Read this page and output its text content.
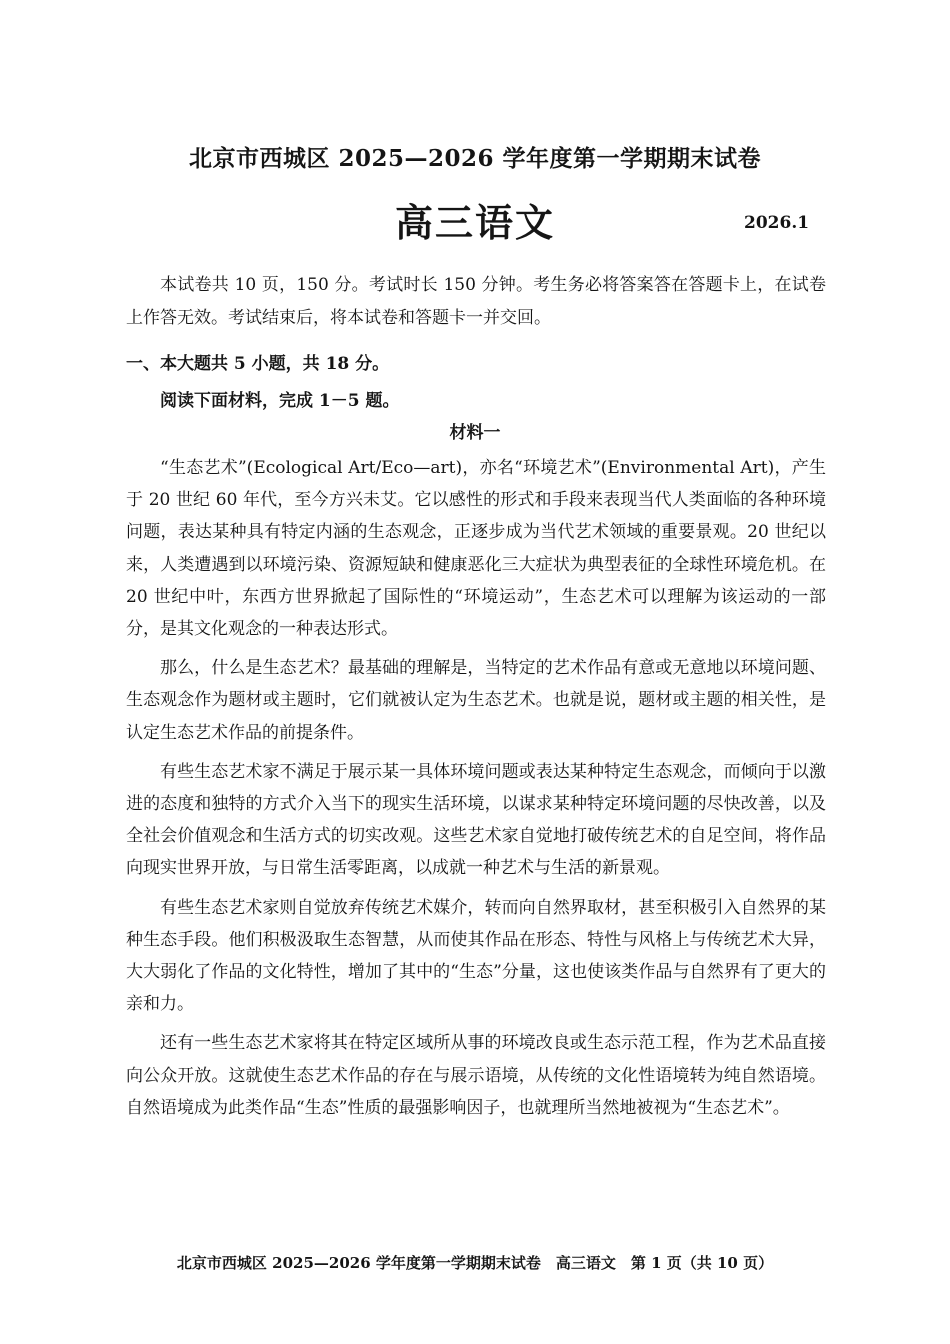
北京市西城区 2025—2026 学年度第一学期期末试卷
高三语文	2026.1
本试卷共 10 页，150 分。考试时长 150 分钟。考生务必将答案答在答题卡上，在试卷上作答无效。考试结束后，将本试卷和答题卡一并交回。
一、本大题共 5 小题，共 18 分。
阅读下面材料，完成 1－5 题。
材料一

“生态艺术”(Ecological Art/Eco—art)，亦名“环境艺术”(Environmental Art)，产生于 20 世纪 60 年代，至今方兴未艾。它以感性的形式和手段来表现当代人类面临的各种环境问题，表达某种具有特定内涵的生态观念，正逐步成为当代艺术领域的重要景观。20 世纪以来，人类遭遇到以环境污染、资源短缺和健康恶化三大症状为典型表征的全球性环境危机。在 20 世纪中叶，东西方世界掀起了国际性的“环境运动”，生态艺术可以理解为该运动的一部分，是其文化观念的一种表达形式。

那么，什么是生态艺术？最基础的理解是，当特定的艺术作品有意或无意地以环境问题、生态观念作为题材或主题时，它们就被认定为生态艺术。也就是说，题材或主题的相关性，是认定生态艺术作品的前提条件。

有些生态艺术家不满足于展示某一具体环境问题或表达某种特定生态观念，而倾向于以激进的态度和独特的方式介入当下的现实生活环境，以谋求某种特定环境问题的尽快改善，以及全社会价值观念和生活方式的切实改观。这些艺术家自觉地打破传统艺术的自足空间，将作品向现实世界开放，与日常生活零距离，以成就一种艺术与生活的新景观。

有些生态艺术家则自觉放弃传统艺术媒介，转而向自然界取材，甚至积极引入自然界的某种生态手段。他们积极汲取生态智慧，从而使其作品在形态、特性与风格上与传统艺术大异，大大弱化了作品的文化特性，增加了其中的“生态”分量，这也使该类作品与自然界有了更大的亲和力。

还有一些生态艺术家将其在特定区域所从事的环境改良或生态示范工程，作为艺术品直接向公众开放。这就使生态艺术作品的存在与展示语境，从传统的文化性语境转为纯自然语境。自然语境成为此类作品“生态”性质的最强影响因子，也就理所当然地被视为“生态艺术”。

北京市西城区 2025—2026 学年度第一学期期末试卷　高三语文　第 1 页（共 10 页）
